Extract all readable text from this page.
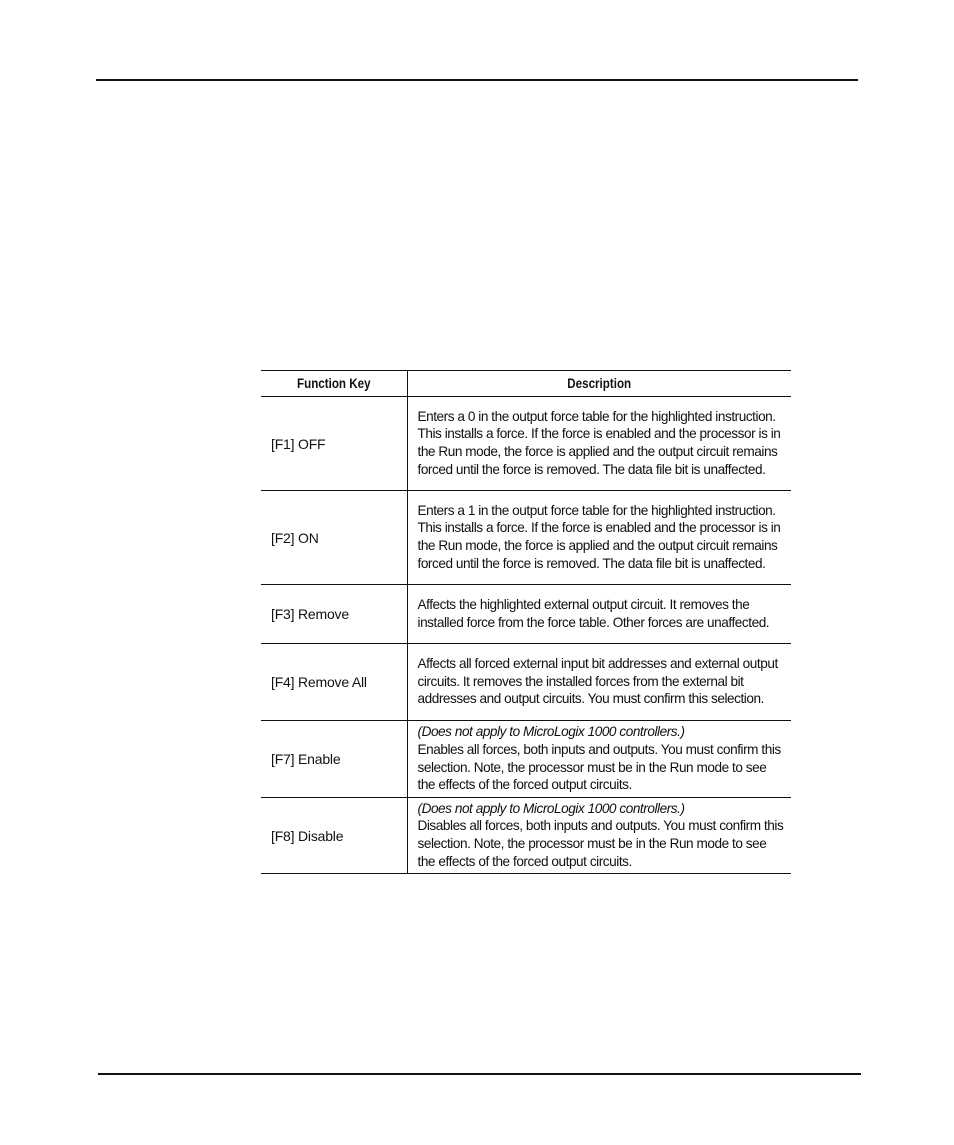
Function Key	Description
[F1] OFF	Enters a 0 in the output force table for the highlighted instruction. This installs a force. If the force is enabled and the processor is in the Run mode, the force is applied and the output circuit remains forced until the force is removed. The data file bit is unaffected.

[F2] ON	Enters a 1 in the output force table for the highlighted instruction. This installs a force. If the force is enabled and the processor is in the Run mode, the force is applied and the output circuit remains forced until the force is removed. The data file bit is unaffected.

[F3] Remove	Affects the highlighted external output circuit. It removes the installed force from the force table. Other forces are unaffected.

[F4] Remove All	Affects all forced external input bit addresses and external output circuits. It removes the installed forces from the external bit addresses and output circuits. You must confirm this selection.

[F7] Enable	(Does not apply to MicroLogix 1000 controllers.)
Enables all forces, both inputs and outputs. You must confirm this selection. Note, the processor must be in the Run mode to see the effects of the forced output circuits.

[F8] Disable	(Does not apply to MicroLogix 1000 controllers.)
Disables all forces, both inputs and outputs. You must confirm this selection. Note, the processor must be in the Run mode to see the effects of the forced output circuits.
